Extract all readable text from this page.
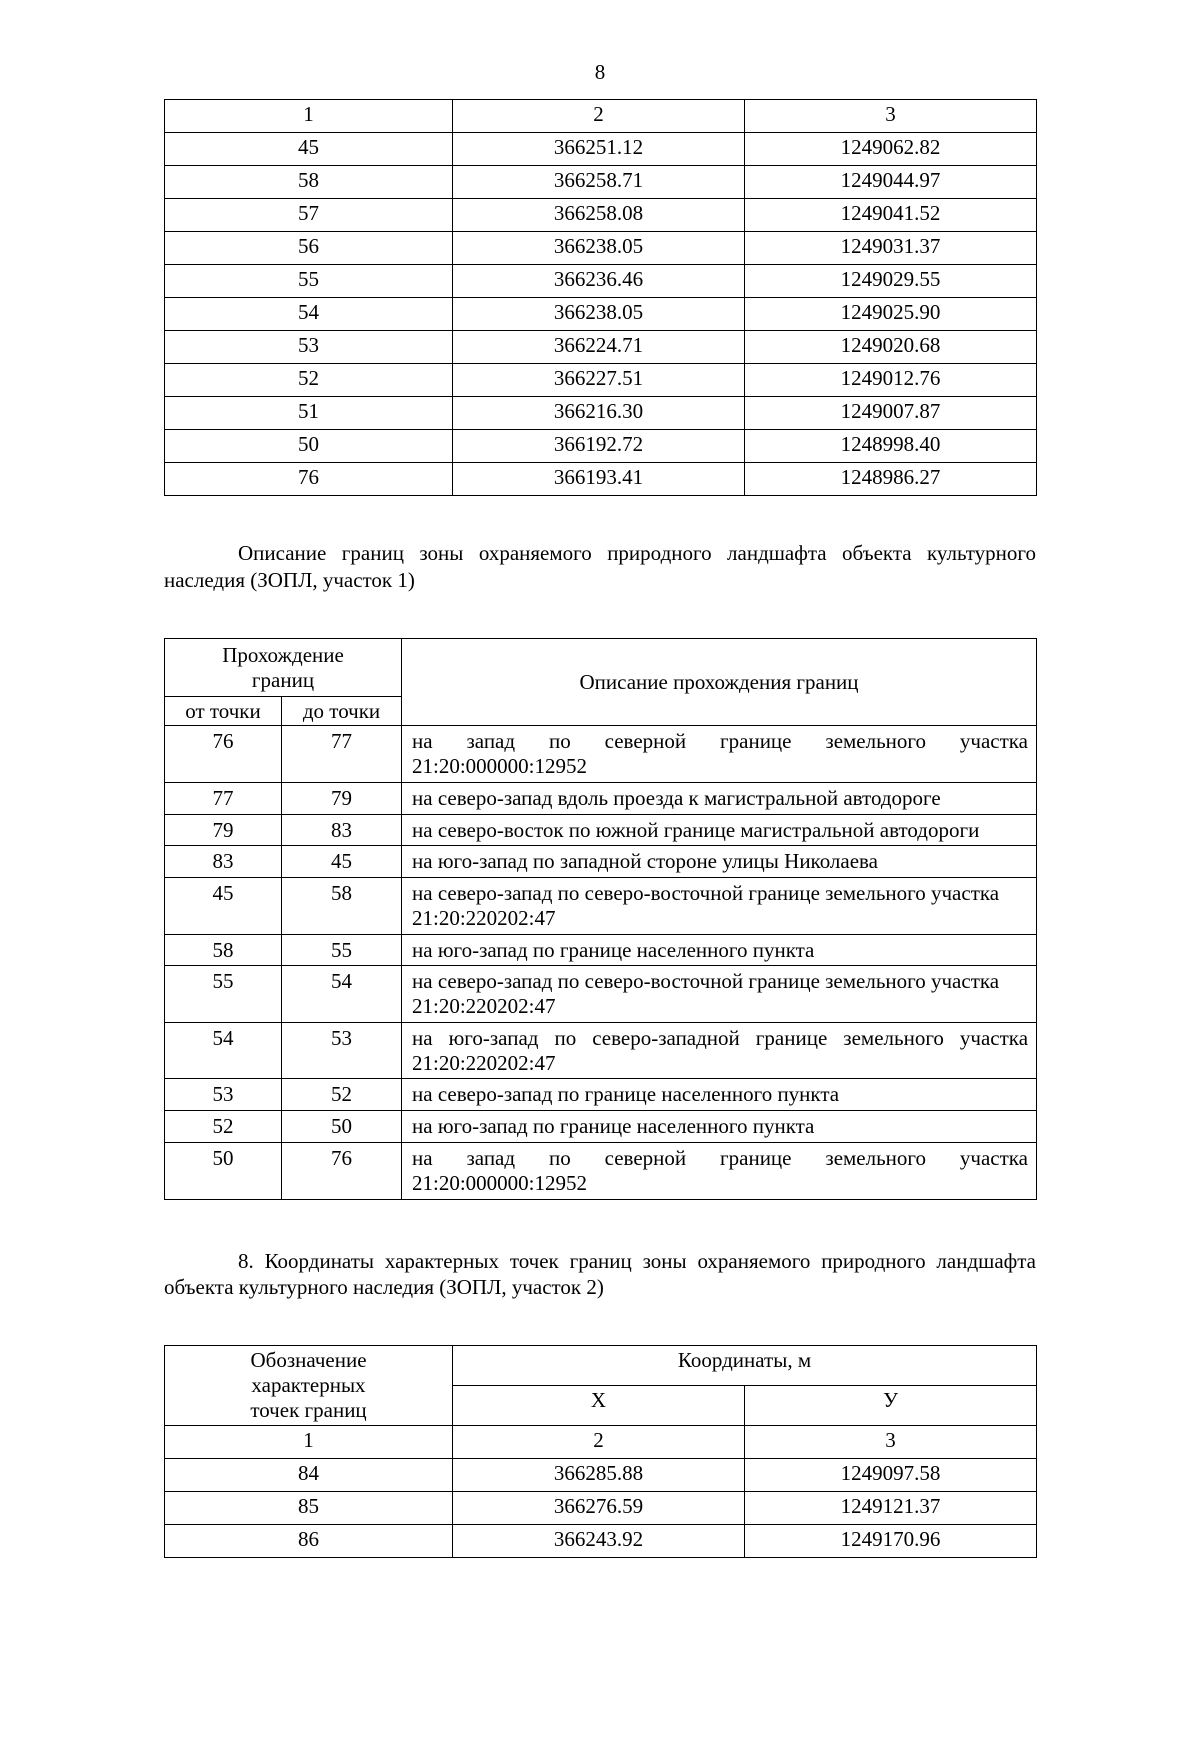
8
1	2	3
45	366251.12	1249062.82
58	366258.71	1249044.97
57	366258.08	1249041.52
56	366238.05	1249031.37
55	366236.46	1249029.55
54	366238.05	1249025.90
53	366224.71	1249020.68
52	366227.51	1249012.76
51	366216.30	1249007.87
50	366192.72	1248998.40
76	366193.41	1248986.27

Описание границ зоны охраняемого природного ландшафта объекта культурного наследия (ЗОПЛ, участок 1)

Прохождение
границ		Описание прохождения границ
от точки	до точки	
76	77	на запад по северной границе земельного участка 21:20:000000:12952
77	79	на северо-запад вдоль проезда к магистральной автодороге
79	83	на северо-восток по южной границе магистральной автодороги
83	45	на юго-запад по западной стороне улицы Николаева
45	58	на северо-запад по северо-восточной границе земельного участка 21:20:220202:47
58	55	на юго-запад по границе населенного пункта
55	54	на северо-запад по северо-восточной границе земельного участка 21:20:220202:47
54	53	на юго-запад по северо-западной границе земельного участка 21:20:220202:47
53	52	на северо-запад по границе населенного пункта
52	50	на юго-запад по границе населенного пункта
50	76	на запад по северной границе земельного участка 21:20:000000:12952

8. Координаты характерных точек границ зоны охраняемого природного ландшафта объекта культурного наследия (ЗОПЛ, участок 2)

Обозначение
характерных
точек границ	Координаты, м	
	X	У
1	2	3
84	366285.88	1249097.58
85	366276.59	1249121.37
86	366243.92	1249170.96
